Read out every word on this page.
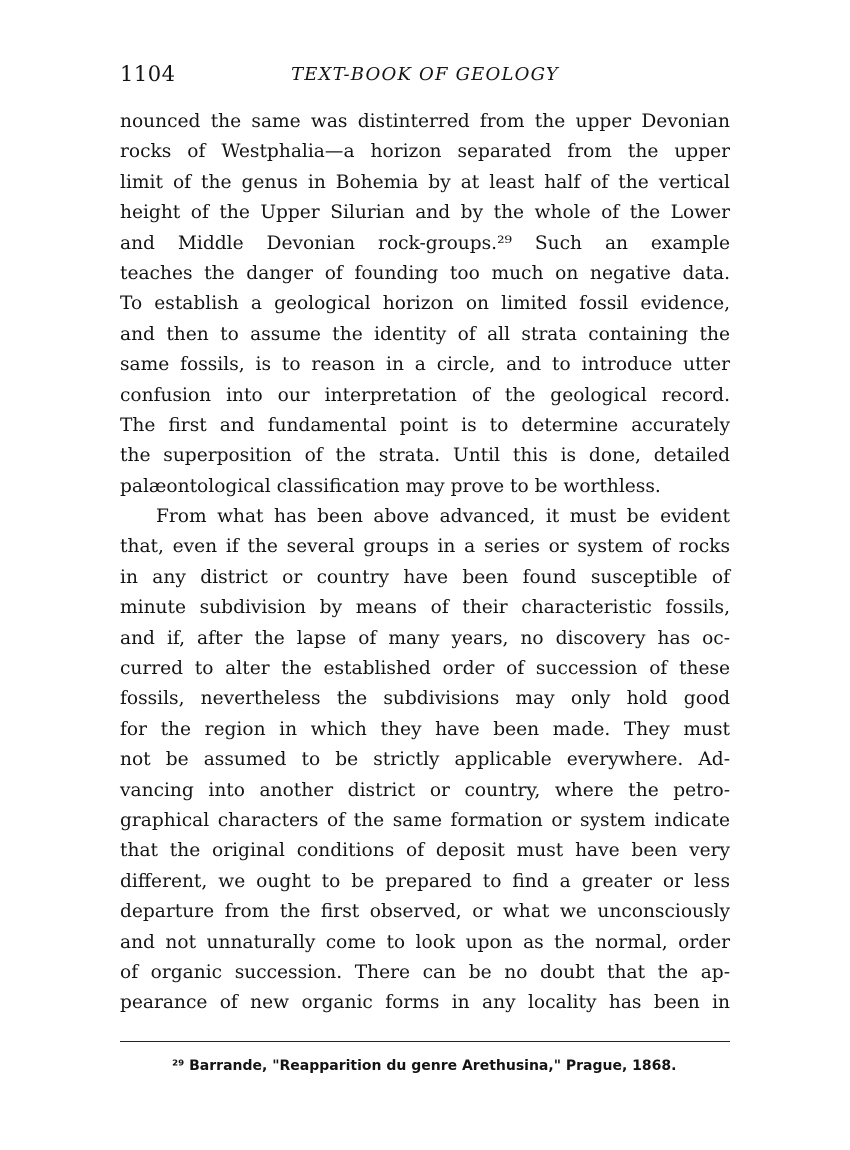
1104	TEXT-BOOK OF GEOLOGY
nounced the same was distinterred from the upper Devonian
rocks of Westphalia—a horizon separated from the upper
limit of the genus in Bohemia by at least half of the vertical
height of the Upper Silurian and by the whole of the Lower
and Middle Devonian rock-groups.²⁹ Such an example
teaches the danger of founding too much on negative data.
To establish a geological horizon on limited fossil evidence,
and then to assume the identity of all strata containing the
same fossils, is to reason in a circle, and to introduce utter
confusion into our interpretation of the geological record.
The first and fundamental point is to determine accurately
the superposition of the strata. Until this is done, detailed
palæontological classification may prove to be worthless.
From what has been above advanced, it must be evident
that, even if the several groups in a series or system of rocks
in any district or country have been found susceptible of
minute subdivision by means of their characteristic fossils,
and if, after the lapse of many years, no discovery has oc-
curred to alter the established order of succession of these
fossils, nevertheless the subdivisions may only hold good
for the region in which they have been made. They must
not be assumed to be strictly applicable everywhere. Ad-
vancing into another district or country, where the petro-
graphical characters of the same formation or system indicate
that the original conditions of deposit must have been very
different, we ought to be prepared to find a greater or less
departure from the first observed, or what we unconsciously
and not unnaturally come to look upon as the normal, order
of organic succession. There can be no doubt that the ap-
pearance of new organic forms in any locality has been in
²⁹ Barrande, "Reapparition du genre Arethusina," Prague, 1868.
